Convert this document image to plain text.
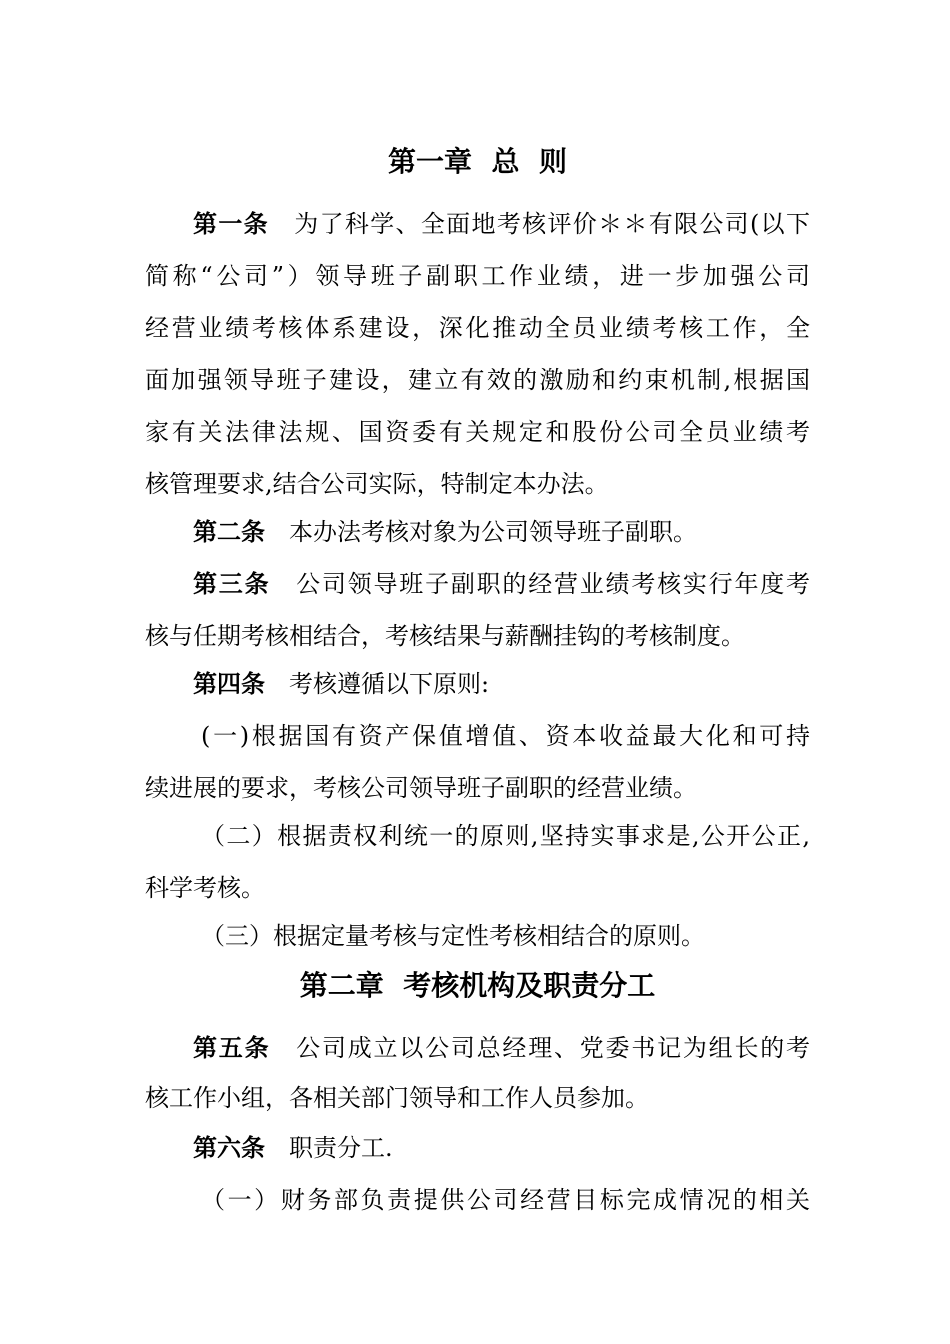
第一章  总  则
第一条　 为了科学、全面地考核评价＊＊有限公司(以下
简称“公司”）领导班子副职工作业绩，进一步加强公司
经营业绩考核体系建设，深化推动全员业绩考核工作，全
面加强领导班子建设，建立有效的激励和约束机制,根据国
家有关法律法规、国资委有关规定和股份公司全员业绩考
核管理要求,结合公司实际，特制定本办法。
第二条　 本办法考核对象为公司领导班子副职。
第三条　 公司领导班子副职的经营业绩考核实行年度考
核与任期考核相结合，考核结果与薪酬挂钩的考核制度。
第四条　 考核遵循以下原则:
(一)根据国有资产保值增值、资本收益最大化和可持
续进展的要求，考核公司领导班子副职的经营业绩。
（二）根据责权利统一的原则,坚持实事求是,公开公正,
科学考核。
（三）根据定量考核与定性考核相结合的原则。
第二章  考核机构及职责分工
第五条　 公司成立以公司总经理、党委书记为组长的考
核工作小组，各相关部门领导和工作人员参加。
第六条　 职责分工.
（一）财务部负责提供公司经营目标完成情况的相关
